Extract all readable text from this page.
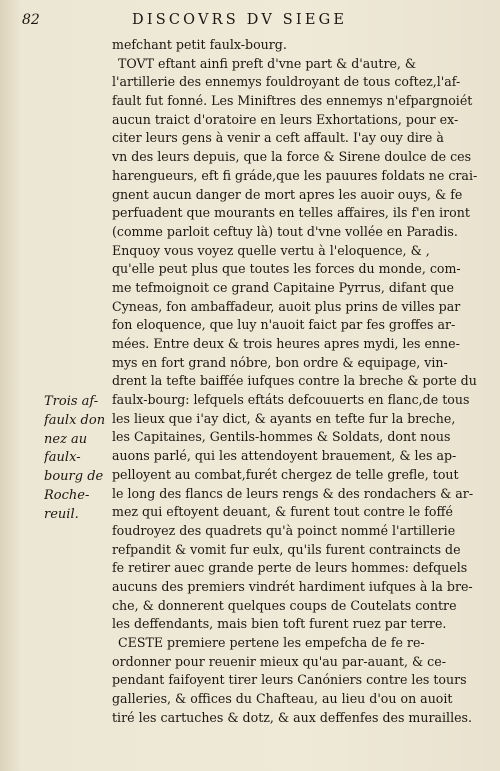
82	DISCOVRS DV SIEGE
mefchant petit faulx-bourg.
TOVT eftant ainfi preft d'vne part & d'autre, &
l'artillerie des ennemys fouldroyant de tous coftez,l'af-
fault fut fonné. Les Miniftres des ennemys n'efpargnoiét
aucun traict d'oratoire en leurs Exhortations, pour ex-
citer leurs gens à venir a ceft affault. I'ay ouy dire à
vn des leurs depuis, que la force & Sirene doulce de ces
harengueurs, eft fi gráde,que les pauures foldats ne crai-
gnent aucun danger de mort apres les auoir ouys, & fe
perfuadent que mourants en telles affaires, ils f'en iront
(comme parloit ceftuy là) tout d'vne vollée en Paradis.
Enquoy vous voyez quelle vertu à l'eloquence, & ,
qu'elle peut plus que toutes les forces du monde, com-
me tefmoignoit ce grand Capitaine Pyrrus, difant que
Cyneas, fon ambaffadeur, auoit plus prins de villes par
fon eloquence, que luy n'auoit faict par fes groffes ar-
mées. Entre deux & trois heures apres mydi, les enne-
mys en fort grand nóbre, bon ordre & equipage, vin-
drent la tefte baiffée iufques contre la breche & porte du
faulx-bourg: lefquels eftáts defcouuerts en flanc,de tous
les lieux que i'ay dict, & ayants en tefte fur la breche,
les Capitaines, Gentils-hommes & Soldats, dont nous
auons parlé, qui les attendoyent brauement, & les ap-
pelloyent au combat,furét chergez de telle grefle, tout
le long des flancs de leurs rengs & des rondachers & ar-
mez qui eftoyent deuant, & furent tout contre le foffé
foudroyez des quadrets qu'à poinct nommé l'artillerie
refpandit & vomit fur eulx, qu'ils furent contraincts de
fe retirer auec grande perte de leurs hommes: defquels
aucuns des premiers vindrét hardiment iufques à la bre-
che, & donnerent quelques coups de Coutelats contre
les deffendants, mais bien toft furent ruez par terre.
CESTE premiere pertene les empefcha de fe re-
ordonner pour reuenir mieux qu'au par-auant, & ce-
pendant faifoyent tirer leurs Canóniers contre les tours
galleries, & offices du Chafteau, au lieu d'ou on auoit
tiré les cartuches & dotz, & aux deffenfes des murailles.
Trois af-
faulx don
nez au
faulx-
bourg de
Roche-
reuil.
